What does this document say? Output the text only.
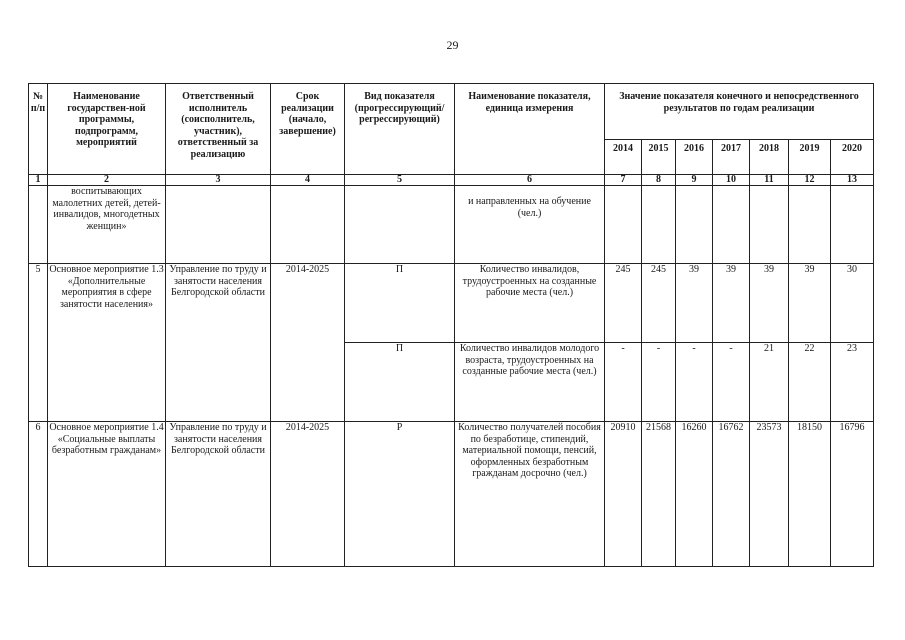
29
№ п/п	Наименование государствен-ной программы, подпрограмм, мероприятий	Ответственный исполнитель (соисполнитель, участник), ответственный за реализацию	Срок реализации (начало, завершение)	Вид показателя (прогрессирующий/ регрессирующий)	Наименование показателя, единица измерения	Значение показателя конечного и непосредственного результатов по годам реализации						
						2014	2015	2016	2017	2018	2019	2020
1	2	3	4	5	6	7	8	9	10	11	12	13
	воспитывающих малолетних детей, детей-инвалидов, многодетных женщин»				и направленных на обучение (чел.)							
5	Основное мероприятие 1.3 «Дополнительные мероприятия в сфере занятости населения»	Управление по труду и занятости населения Белгородской области	2014-2025	П	Количество инвалидов, трудоустроенных на созданные рабочие места (чел.)	245	245	39	39	39	39	30
				П	Количество инвалидов молодого возраста, трудоустроенных на созданные рабочие места (чел.)	-	-	-	-	21	22	23
6	Основное мероприятие 1.4 «Социальные выплаты безработным гражданам»	Управление по труду и занятости населения Белгородской области	2014-2025	Р	Количество получателей пособия по безработице, стипендий, материальной помощи, пенсий, оформленных безработным гражданам досрочно (чел.)	20910	21568	16260	16762	23573	18150	16796
